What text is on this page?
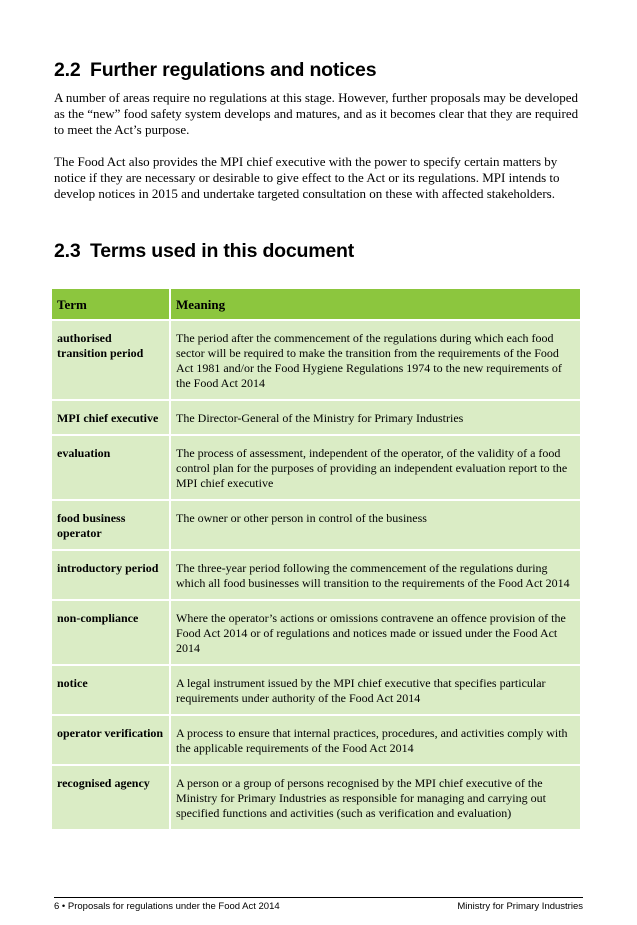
2.2 Further regulations and notices

A number of areas require no regulations at this stage. However, further proposals may be developed as the “new” food safety system develops and matures, and as it becomes clear that they are required to meet the Act’s purpose.

The Food Act also provides the MPI chief executive with the power to specify certain matters by notice if they are necessary or desirable to give effect to the Act or its regulations. MPI intends to develop notices in 2015 and undertake targeted consultation on these with affected stakeholders.

2.3 Terms used in this document
Term	Meaning
authorised transition period	The period after the commencement of the regulations during which each food sector will be required to make the transition from the requirements of the Food Act 1981 and/or the Food Hygiene Regulations 1974 to the new requirements of the Food Act 2014
MPI chief executive	The Director-General of the Ministry for Primary Industries
evaluation	The process of assessment, independent of the operator, of the validity of a food control plan for the purposes of providing an independent evaluation report to the MPI chief executive
food business operator	The owner or other person in control of the business
introductory period	The three-year period following the commencement of the regulations during which all food businesses will transition to the requirements of the Food Act 2014
non-compliance	Where the operator’s actions or omissions contravene an offence provision of the Food Act 2014 or of regulations and notices made or issued under the Food Act 2014
notice	A legal instrument issued by the MPI chief executive that specifies particular requirements under authority of the Food Act 2014
operator verification	A process to ensure that internal practices, procedures, and activities comply with the applicable requirements of the Food Act 2014
recognised agency	A person or a group of persons recognised by the MPI chief executive of the Ministry for Primary Industries as responsible for managing and carrying out specified functions and activities (such as verification and evaluation)
6 • Proposals for regulations under the Food Act 2014	Ministry for Primary Industries
